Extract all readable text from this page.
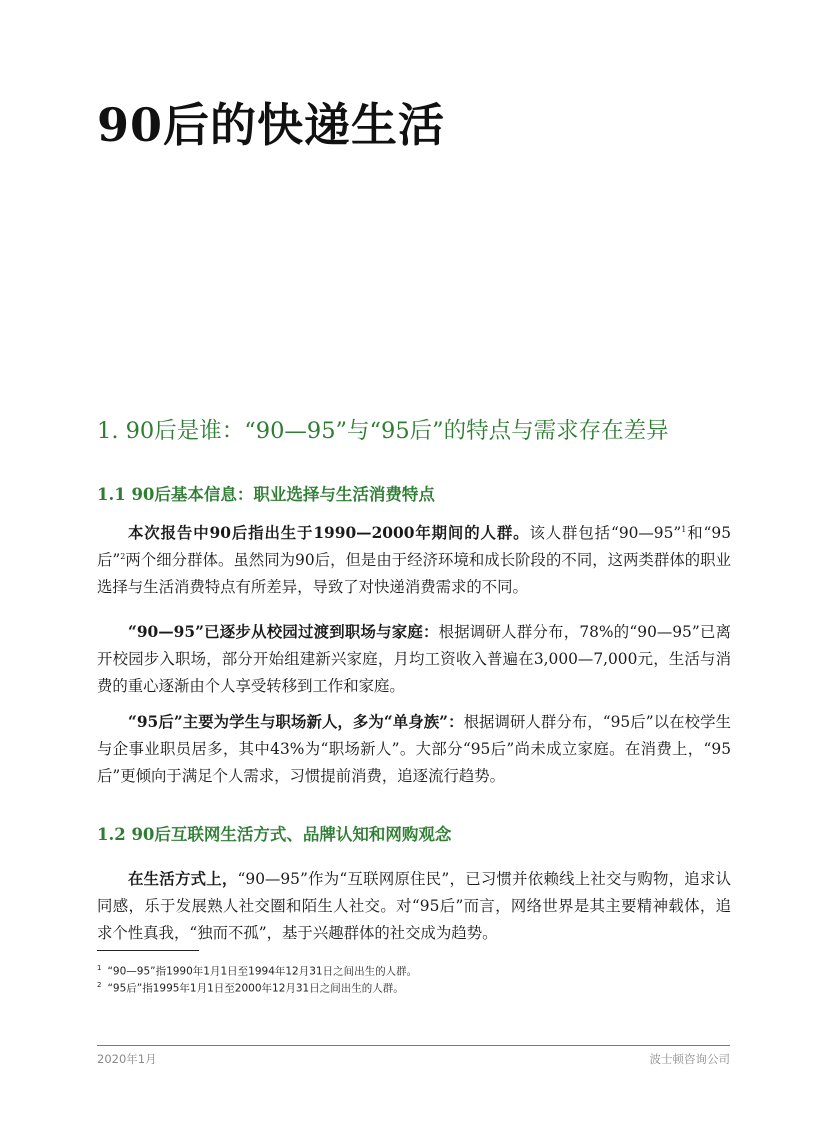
90后的快递生活
1. 90后是谁：“90—95”与“95后”的特点与需求存在差异
1.1 90后基本信息：职业选择与生活消费特点

本次报告中90后指出生于1990—2000年期间的人群。该人群包括“90—95”$^1$和“95后”$^2$两个细分群体。虽然同为90后，但是由于经济环境和成长阶段的不同，这两类群体的职业选择与生活消费特点有所差异，导致了对快递消费需求的不同。

“90—95”已逐步从校园过渡到职场与家庭：根据调研人群分布，78%的“90—95”已离开校园步入职场，部分开始组建新兴家庭，月均工资收入普遍在3,000—7,000元，生活与消费的重心逐渐由个人享受转移到工作和家庭。

“95后”主要为学生与职场新人，多为“单身族”：根据调研人群分布，“95后”以在校学生与企事业职员居多，其中43%为“职场新人”。大部分“95后”尚未成立家庭。在消费上，“95后”更倾向于满足个人需求，习惯提前消费，追逐流行趋势。

1.2 90后互联网生活方式、品牌认知和网购观念

在生活方式上，“90—95”作为“互联网原住民”，已习惯并依赖线上社交与购物，追求认同感，乐于发展熟人社交圈和陌生人社交。对“95后”而言，网络世界是其主要精神载体，追求个性真我，“独而不孤”，基于兴趣群体的社交成为趋势。

$^1$ “90—95”指1990年1月1日至1994年12月31日之间出生的人群。

$^2$ “95后”指1995年1月1日至2000年12月31日之间出生的人群。

2020年1月	波士顿咨询公司
